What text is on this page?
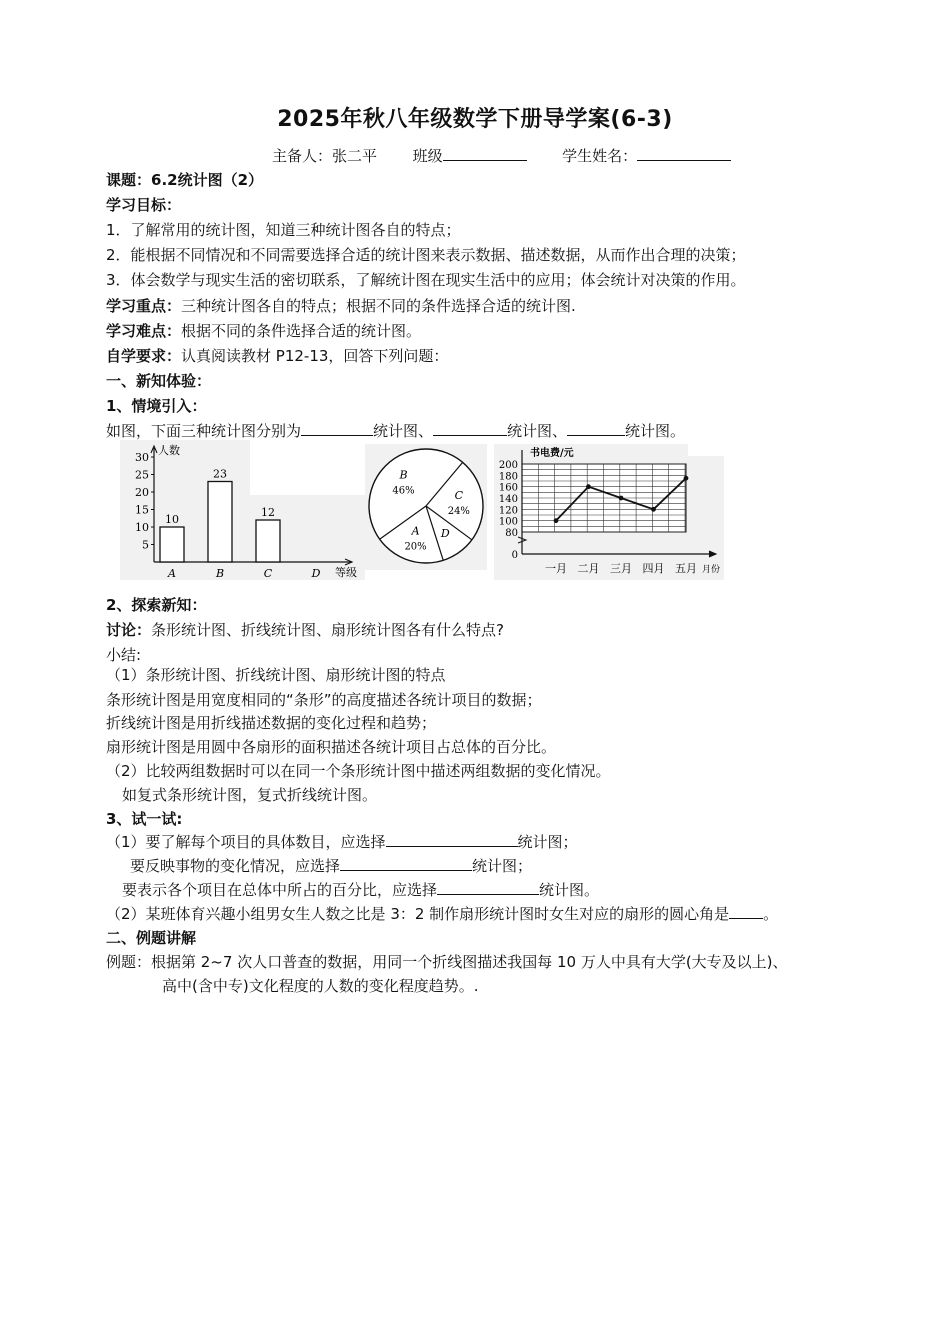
2025年秋八年级数学下册导学案(6-3)
主备人：张二平 班级	学生姓名：
课题：6.2统计图（2）
学习目标：
1．了解常用的统计图，知道三种统计图各自的特点；
2．能根据不同情况和不同需要选择合适的统计图来表示数据、描述数据，从而作出合理的决策；
3．体会数学与现实生活的密切联系，了解统计图在现实生活中的应用；体会统计对决策的作用。
学习重点：三种统计图各自的特点；根据不同的条件选择合适的统计图.
学习难点：根据不同的条件选择合适的统计图。
自学要求：认真阅读教材 P12-13，回答下列问题：
一、新知体验：
1、情境引入：
如图，下面三种统计图分别为	统计图、	统计图、	统计图。
5
10
15
20
25
30
人数
等级
10
A
23
B
12
C	D
C
24%
D
A
20%
B
46%
0
80
100
120
140
160
180
200
书电费/元
月份
一月 二月 三月 四月 五月
2、探索新知：
讨论：条形统计图、折线统计图、扇形统计图各有什么特点?
小结:
（1）条形统计图、折线统计图、扇形统计图的特点
条形统计图是用宽度相同的“条形”的高度描述各统计项目的数据；
折线统计图是用折线描述数据的变化过程和趋势；
扇形统计图是用圆中各扇形的面积描述各统计项目占总体的百分比。
（2）比较两组数据时可以在同一个条形统计图中描述两组数据的变化情况。
如复式条形统计图，复式折线统计图。
3、试一试:
（1）要了解每个项目的具体数目，应选择	统计图；
要反映事物的变化情况，应选择	统计图；
要表示各个项目在总体中所占的百分比，应选择	统计图。
（2）某班体育兴趣小组男女生人数之比是 3：2 制作扇形统计图时女生对应的扇形的圆心角是 。
二、例题讲解
例题：根据第 2~7 次人口普查的数据，用同一个折线图描述我国每 10 万人中具有大学(大专及以上)、
高中(含中专)文化程度的人数的变化程度趋势。.
